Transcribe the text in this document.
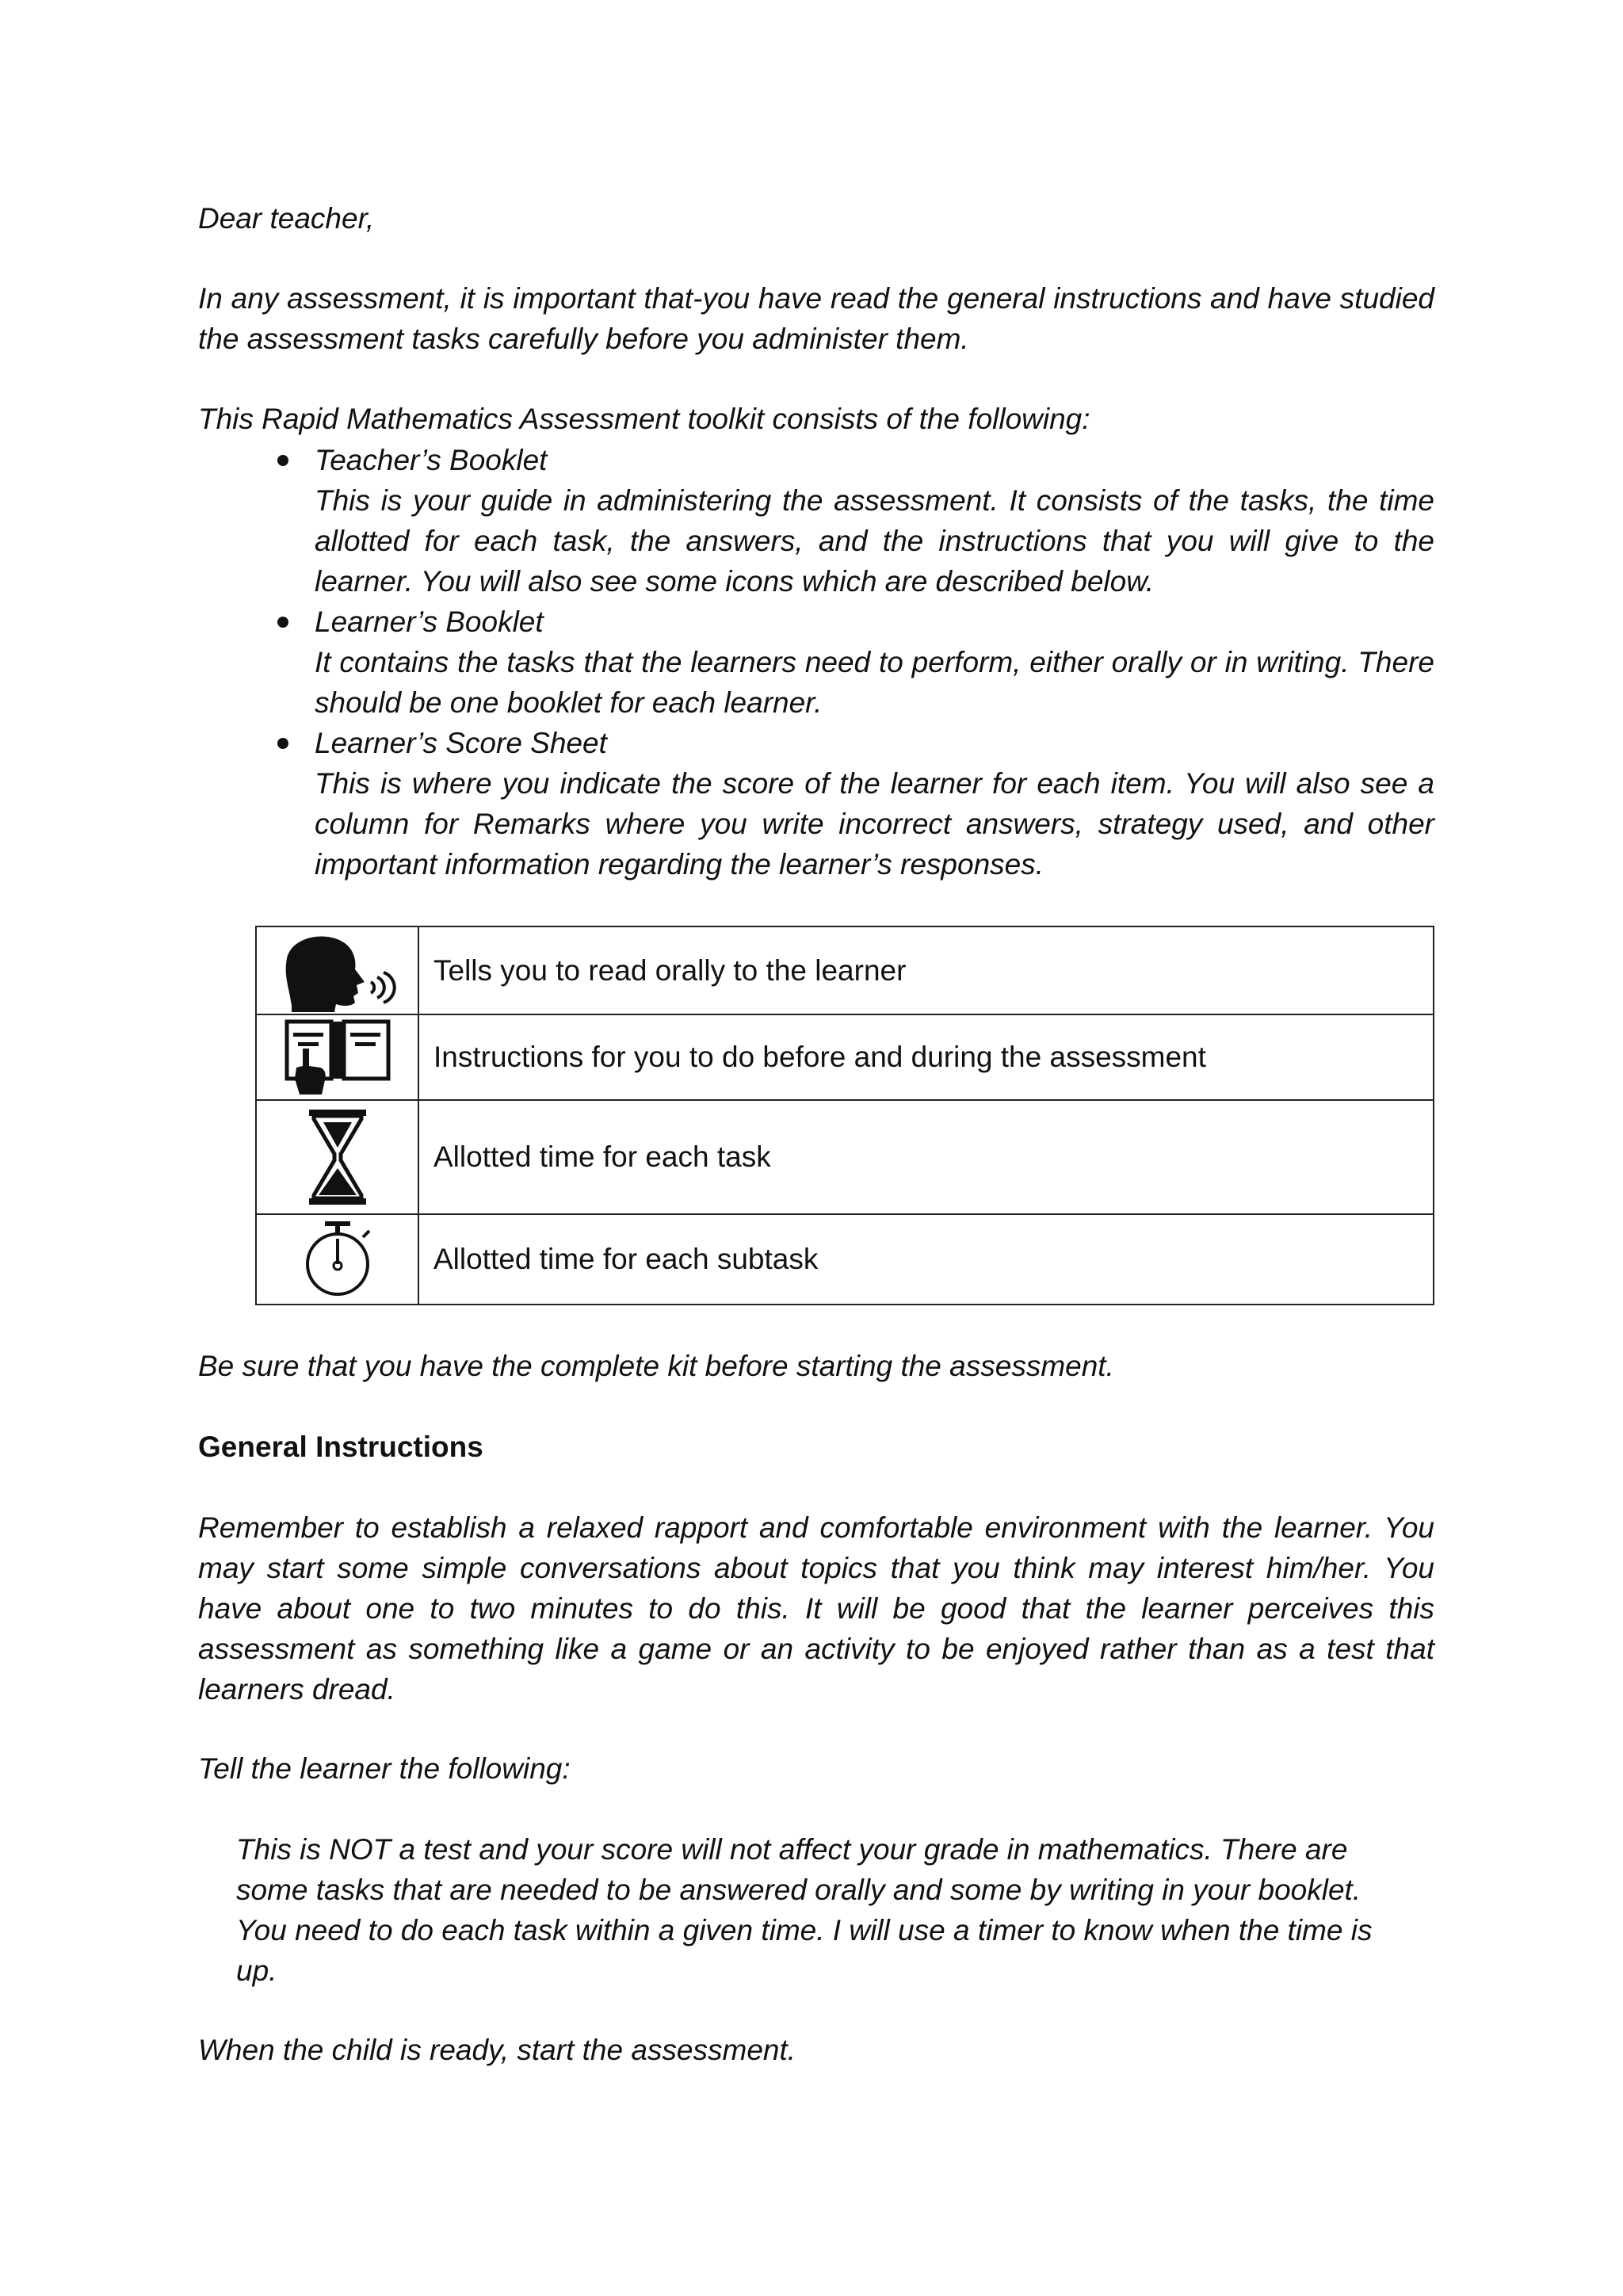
Dear teacher,

In any assessment, it is important that-you have read the general instructions and have studied the assessment tasks carefully before you administer them.

This Rapid Mathematics Assessment toolkit consists of the following:

Teacher’s Booklet
This is your guide in administering the assessment. It consists of the tasks, the time allotted for each task, the answers, and the instructions that you will give to the learner. You will also see some icons which are described below.
Learner’s Booklet
It contains the tasks that the learners need to perform, either orally or in writing. There should be one booklet for each learner.
Learner’s Score Sheet
This is where you indicate the score of the learner for each item. You will also see a column for Remarks where you write incorrect answers, strategy used, and other important information regarding the learner’s responses.
	Tells you to read orally to the learner

	Instructions for you to do before and during the assessment

	Allotted time for each task

	Allotted time for each subtask

Be sure that you have the complete kit before starting the assessment.

General Instructions

Remember to establish a relaxed rapport and comfortable environment with the learner. You may start some simple conversations about topics that you think may interest him/her. You have about one to two minutes to do this. It will be good that the learner perceives this assessment as something like a game or an activity to be enjoyed rather than as a test that learners dread.

Tell the learner the following:

This is NOT a test and your score will not affect your grade in mathematics. There are some tasks that are needed to be answered orally and some by writing in your booklet. You need to do each task within a given time. I will use a timer to know when the time is up.

When the child is ready, start the assessment.
